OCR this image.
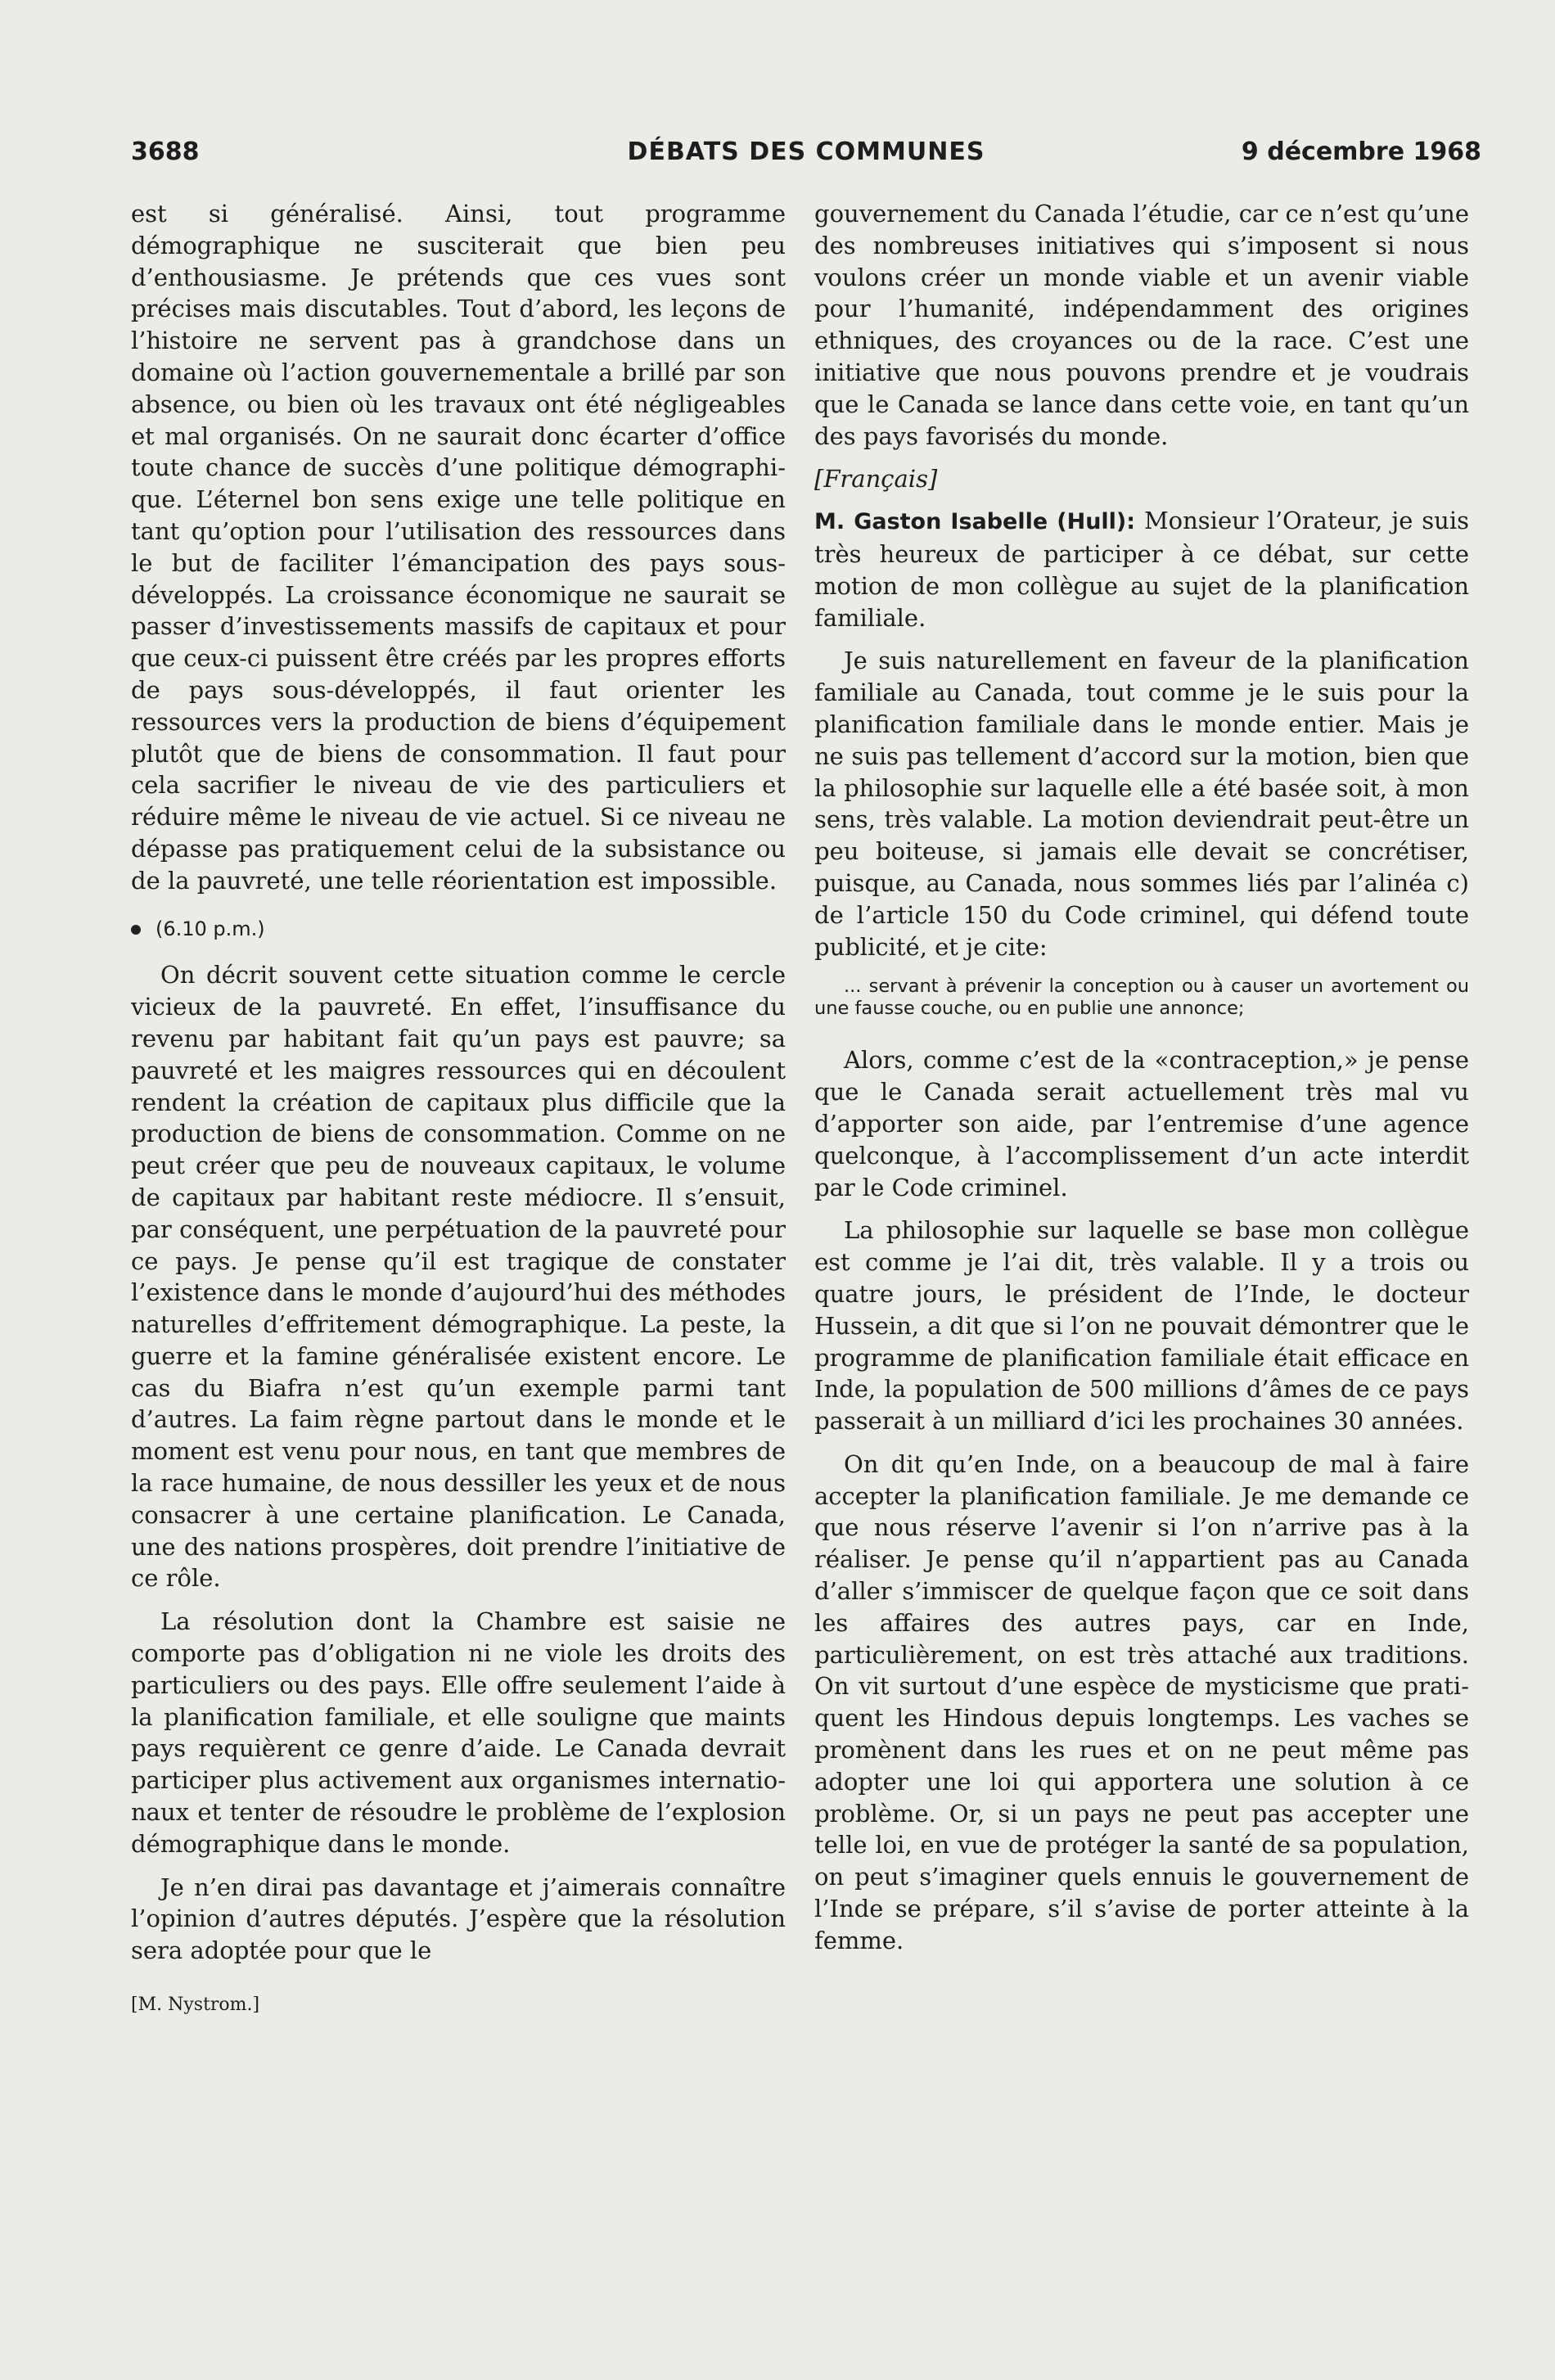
3688	DÉBATS DES COMMUNES	9 décembre 1968

est si généralisé. Ainsi, tout programme démographique ne susciterait que bien peu d’enthousiasme. Je prétends que ces vues sont précises mais discutables. Tout d’abord, les leçons de l’histoire ne servent pas à grandchose dans un domaine où l’action gouvernementale a brillé par son absence, ou bien où les travaux ont été négligeables et mal organisés. On ne saurait donc écarter d’office toute chance de succès d’une politique démographique. L’éternel bon sens exige une telle politique en tant qu’option pour l’utilisation des ressources dans le but de faciliter l’émancipation des pays sous-développés. La croissance économique ne saurait se passer d’investissements massifs de capitaux et pour que ceux-ci puissent être créés par les propres efforts de pays sous-développés, il faut orienter les ressources vers la production de biens d’équipement plutôt que de biens de consommation. Il faut pour cela sacrifier le niveau de vie des particuliers et réduire même le niveau de vie actuel. Si ce niveau ne dépasse pas pratiquement celui de la subsistance ou de la pauvreté, une telle réorientation est impossible.

(6.10 p.m.)

On décrit souvent cette situation comme le cercle vicieux de la pauvreté. En effet, l’insuffisance du revenu par habitant fait qu’un pays est pauvre; sa pauvreté et les maigres ressources qui en découlent rendent la création de capitaux plus difficile que la production de biens de consommation. Comme on ne peut créer que peu de nouveaux capitaux, le volume de capitaux par habitant reste médiocre. Il s’ensuit, par conséquent, une perpétuation de la pauvreté pour ce pays. Je pense qu’il est tragique de constater l’existence dans le monde d’aujourd’hui des méthodes naturelles d’effritement démographique. La peste, la guerre et la famine généralisée existent encore. Le cas du Biafra n’est qu’un exemple parmi tant d’autres. La faim règne partout dans le monde et le moment est venu pour nous, en tant que membres de la race humaine, de nous dessiller les yeux et de nous consacrer à une certaine planification. Le Canada, une des nations prospères, doit prendre l’initiative de ce rôle.

La résolution dont la Chambre est saisie ne comporte pas d’obligation ni ne viole les droits des particuliers ou des pays. Elle offre seulement l’aide à la planification familiale, et elle souligne que maints pays requièrent ce genre d’aide. Le Canada devrait participer plus activement aux organismes internationaux et tenter de résoudre le problème de l’explosion démographique dans le monde.

Je n’en dirai pas davantage et j’aimerais connaître l’opinion d’autres députés. J’espère que la résolution sera adoptée pour que le

[M. Nystrom.]

gouvernement du Canada l’étudie, car ce n’est qu’une des nombreuses initiatives qui s’imposent si nous voulons créer un monde viable et un avenir viable pour l’humanité, indépendamment des origines ethniques, des croyances ou de la race. C’est une initiative que nous pouvons prendre et je voudrais que le Canada se lance dans cette voie, en tant qu’un des pays favorisés du monde.

[Français]

M. Gaston Isabelle (Hull): Monsieur l’Orateur, je suis très heureux de participer à ce débat, sur cette motion de mon collègue au sujet de la planification familiale.

Je suis naturellement en faveur de la planification familiale au Canada, tout comme je le suis pour la planification familiale dans le monde entier. Mais je ne suis pas tellement d’accord sur la motion, bien que la philosophie sur laquelle elle a été basée soit, à mon sens, très valable. La motion deviendrait peut-être un peu boiteuse, si jamais elle devait se concrétiser, puisque, au Canada, nous sommes liés par l’alinéa c) de l’article 150 du Code criminel, qui défend toute publicité, et je cite:

... servant à prévenir la conception ou à causer un avortement ou une fausse couche, ou en publie une annonce;

Alors, comme c’est de la «contraception,» je pense que le Canada serait actuellement très mal vu d’apporter son aide, par l’entremise d’une agence quelconque, à l’accomplissement d’un acte interdit par le Code criminel.

La philosophie sur laquelle se base mon collègue est comme je l’ai dit, très valable. Il y a trois ou quatre jours, le président de l’Inde, le docteur Hussein, a dit que si l’on ne pouvait démontrer que le programme de planification familiale était efficace en Inde, la population de 500 millions d’âmes de ce pays passerait à un milliard d’ici les prochaines 30 années.

On dit qu’en Inde, on a beaucoup de mal à faire accepter la planification familiale. Je me demande ce que nous réserve l’avenir si l’on n’arrive pas à la réaliser. Je pense qu’il n’appartient pas au Canada d’aller s’immiscer de quelque façon que ce soit dans les affaires des autres pays, car en Inde, particulièrement, on est très attaché aux traditions. On vit surtout d’une espèce de mysticisme que pratiquent les Hindous depuis longtemps. Les vaches se promènent dans les rues et on ne peut même pas adopter une loi qui apportera une solution à ce problème. Or, si un pays ne peut pas accepter une telle loi, en vue de protéger la santé de sa population, on peut s’imaginer quels ennuis le gouvernement de l’Inde se prépare, s’il s’avise de porter atteinte à la femme.
